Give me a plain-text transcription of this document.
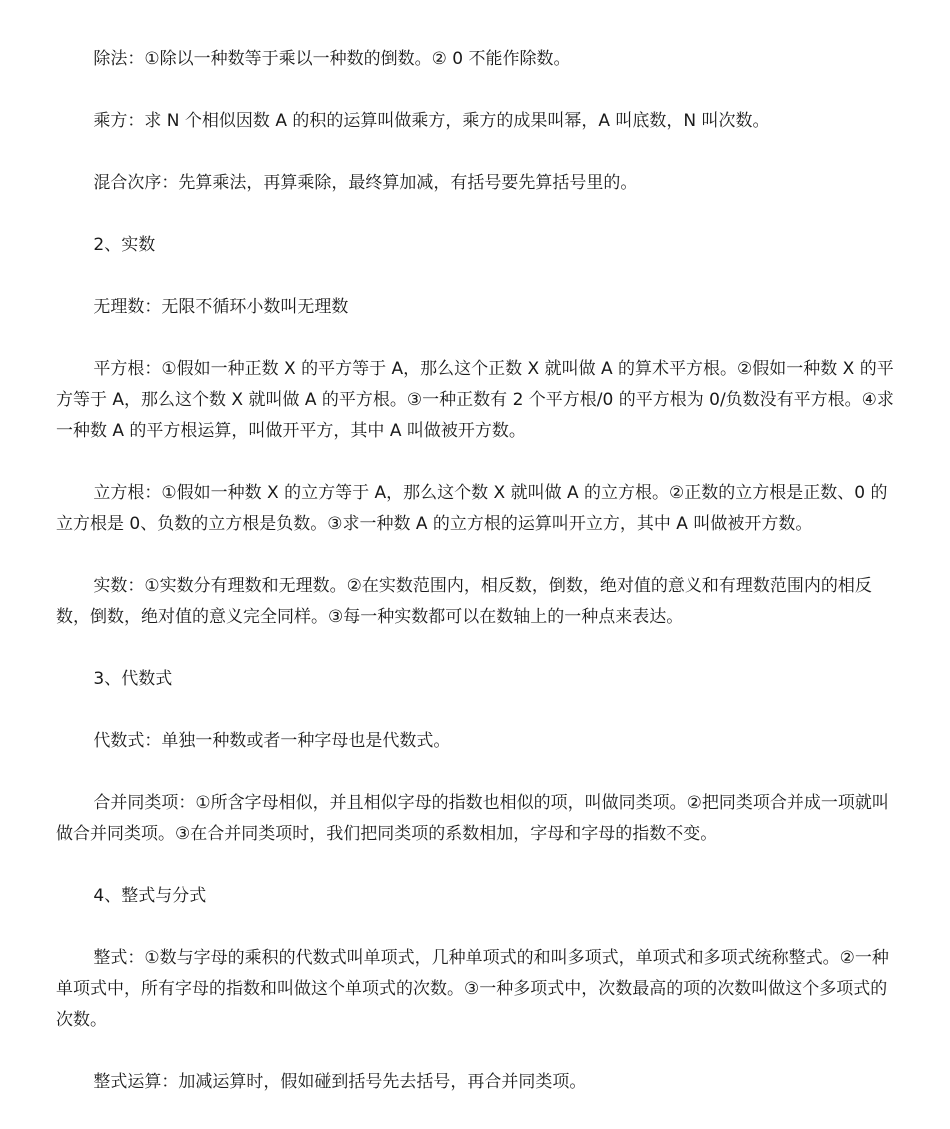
除法：①除以一种数等于乘以一种数的倒数。② 0 不能作除数。

乘方：求 N 个相似因数 A 的积的运算叫做乘方，乘方的成果叫幂，A 叫底数，N 叫次数。

混合次序：先算乘法，再算乘除，最终算加减，有括号要先算括号里的。

2、实数

无理数：无限不循环小数叫无理数

平方根：①假如一种正数 X 的平方等于 A，那么这个正数 X 就叫做 A 的算术平方根。②假如一种数 X 的平方等于 A，那么这个数 X 就叫做 A 的平方根。③一种正数有 2 个平方根/0 的平方根为 0/负数没有平方根。④求一种数 A 的平方根运算，叫做开平方，其中 A 叫做被开方数。

立方根：①假如一种数 X 的立方等于 A，那么这个数 X 就叫做 A 的立方根。②正数的立方根是正数、0 的立方根是 0、负数的立方根是负数。③求一种数 A 的立方根的运算叫开立方，其中 A 叫做被开方数。

实数：①实数分有理数和无理数。②在实数范围内，相反数，倒数，绝对值的意义和有理数范围内的相反数，倒数，绝对值的意义完全同样。③每一种实数都可以在数轴上的一种点来表达。

3、代数式

代数式：单独一种数或者一种字母也是代数式。

合并同类项：①所含字母相似，并且相似字母的指数也相似的项，叫做同类项。②把同类项合并成一项就叫做合并同类项。③在合并同类项时，我们把同类项的系数相加，字母和字母的指数不变。

4、整式与分式

整式：①数与字母的乘积的代数式叫单项式，几种单项式的和叫多项式，单项式和多项式统称整式。②一种单项式中，所有字母的指数和叫做这个单项式的次数。③一种多项式中，次数最高的项的次数叫做这个多项式的次数。

整式运算：加减运算时，假如碰到括号先去括号，再合并同类项。
